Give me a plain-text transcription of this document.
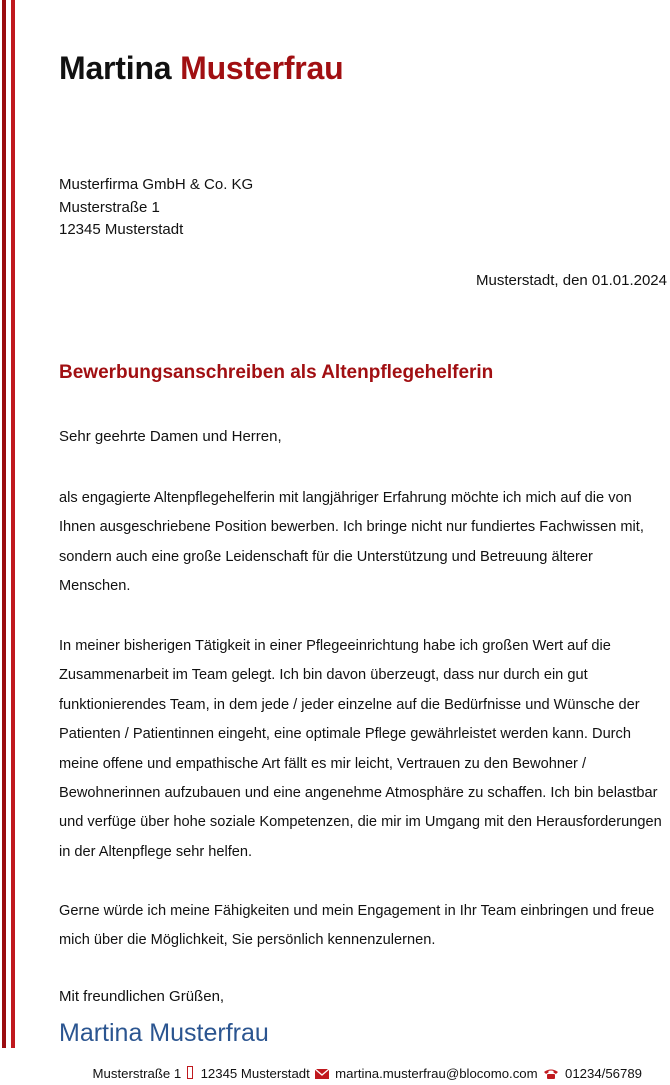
Martina Musterfrau
Musterfirma GmbH & Co. KG
Musterstraße 1
12345 Musterstadt
Musterstadt, den 01.01.2024
Bewerbungsanschreiben als Altenpflegehelferin

Sehr geehrte Damen und Herren,

als engagierte Altenpflegehelferin mit langjähriger Erfahrung möchte ich mich auf die von Ihnen ausgeschriebene Position bewerben. Ich bringe nicht nur fundiertes Fachwissen mit, sondern auch eine große Leidenschaft für die Unterstützung und Betreuung älterer Menschen.

In meiner bisherigen Tätigkeit in einer Pflegeeinrichtung habe ich großen Wert auf die Zusammenarbeit im Team gelegt. Ich bin davon überzeugt, dass nur durch ein gut funktionierendes Team, in dem jede / jeder einzelne auf die Bedürfnisse und Wünsche der Patienten / Patientinnen eingeht, eine optimale Pflege gewährleistet werden kann. Durch meine offene und empathische Art fällt es mir leicht, Vertrauen zu den Bewohner / Bewohnerinnen aufzubauen und eine angenehme Atmosphäre zu schaffen. Ich bin belastbar und verfüge über hohe soziale Kompetenzen, die mir im Umgang mit den Herausforderungen in der Altenpflege sehr helfen.

Gerne würde ich meine Fähigkeiten und mein Engagement in Ihr Team einbringen und freue mich über die Möglichkeit, Sie persönlich kennenzulernen.

Mit freundlichen Grüßen,

Martina Musterfrau
Musterstraße 1 12345 Musterstadt martina.musterfrau@blocomo.com 01234/56789
